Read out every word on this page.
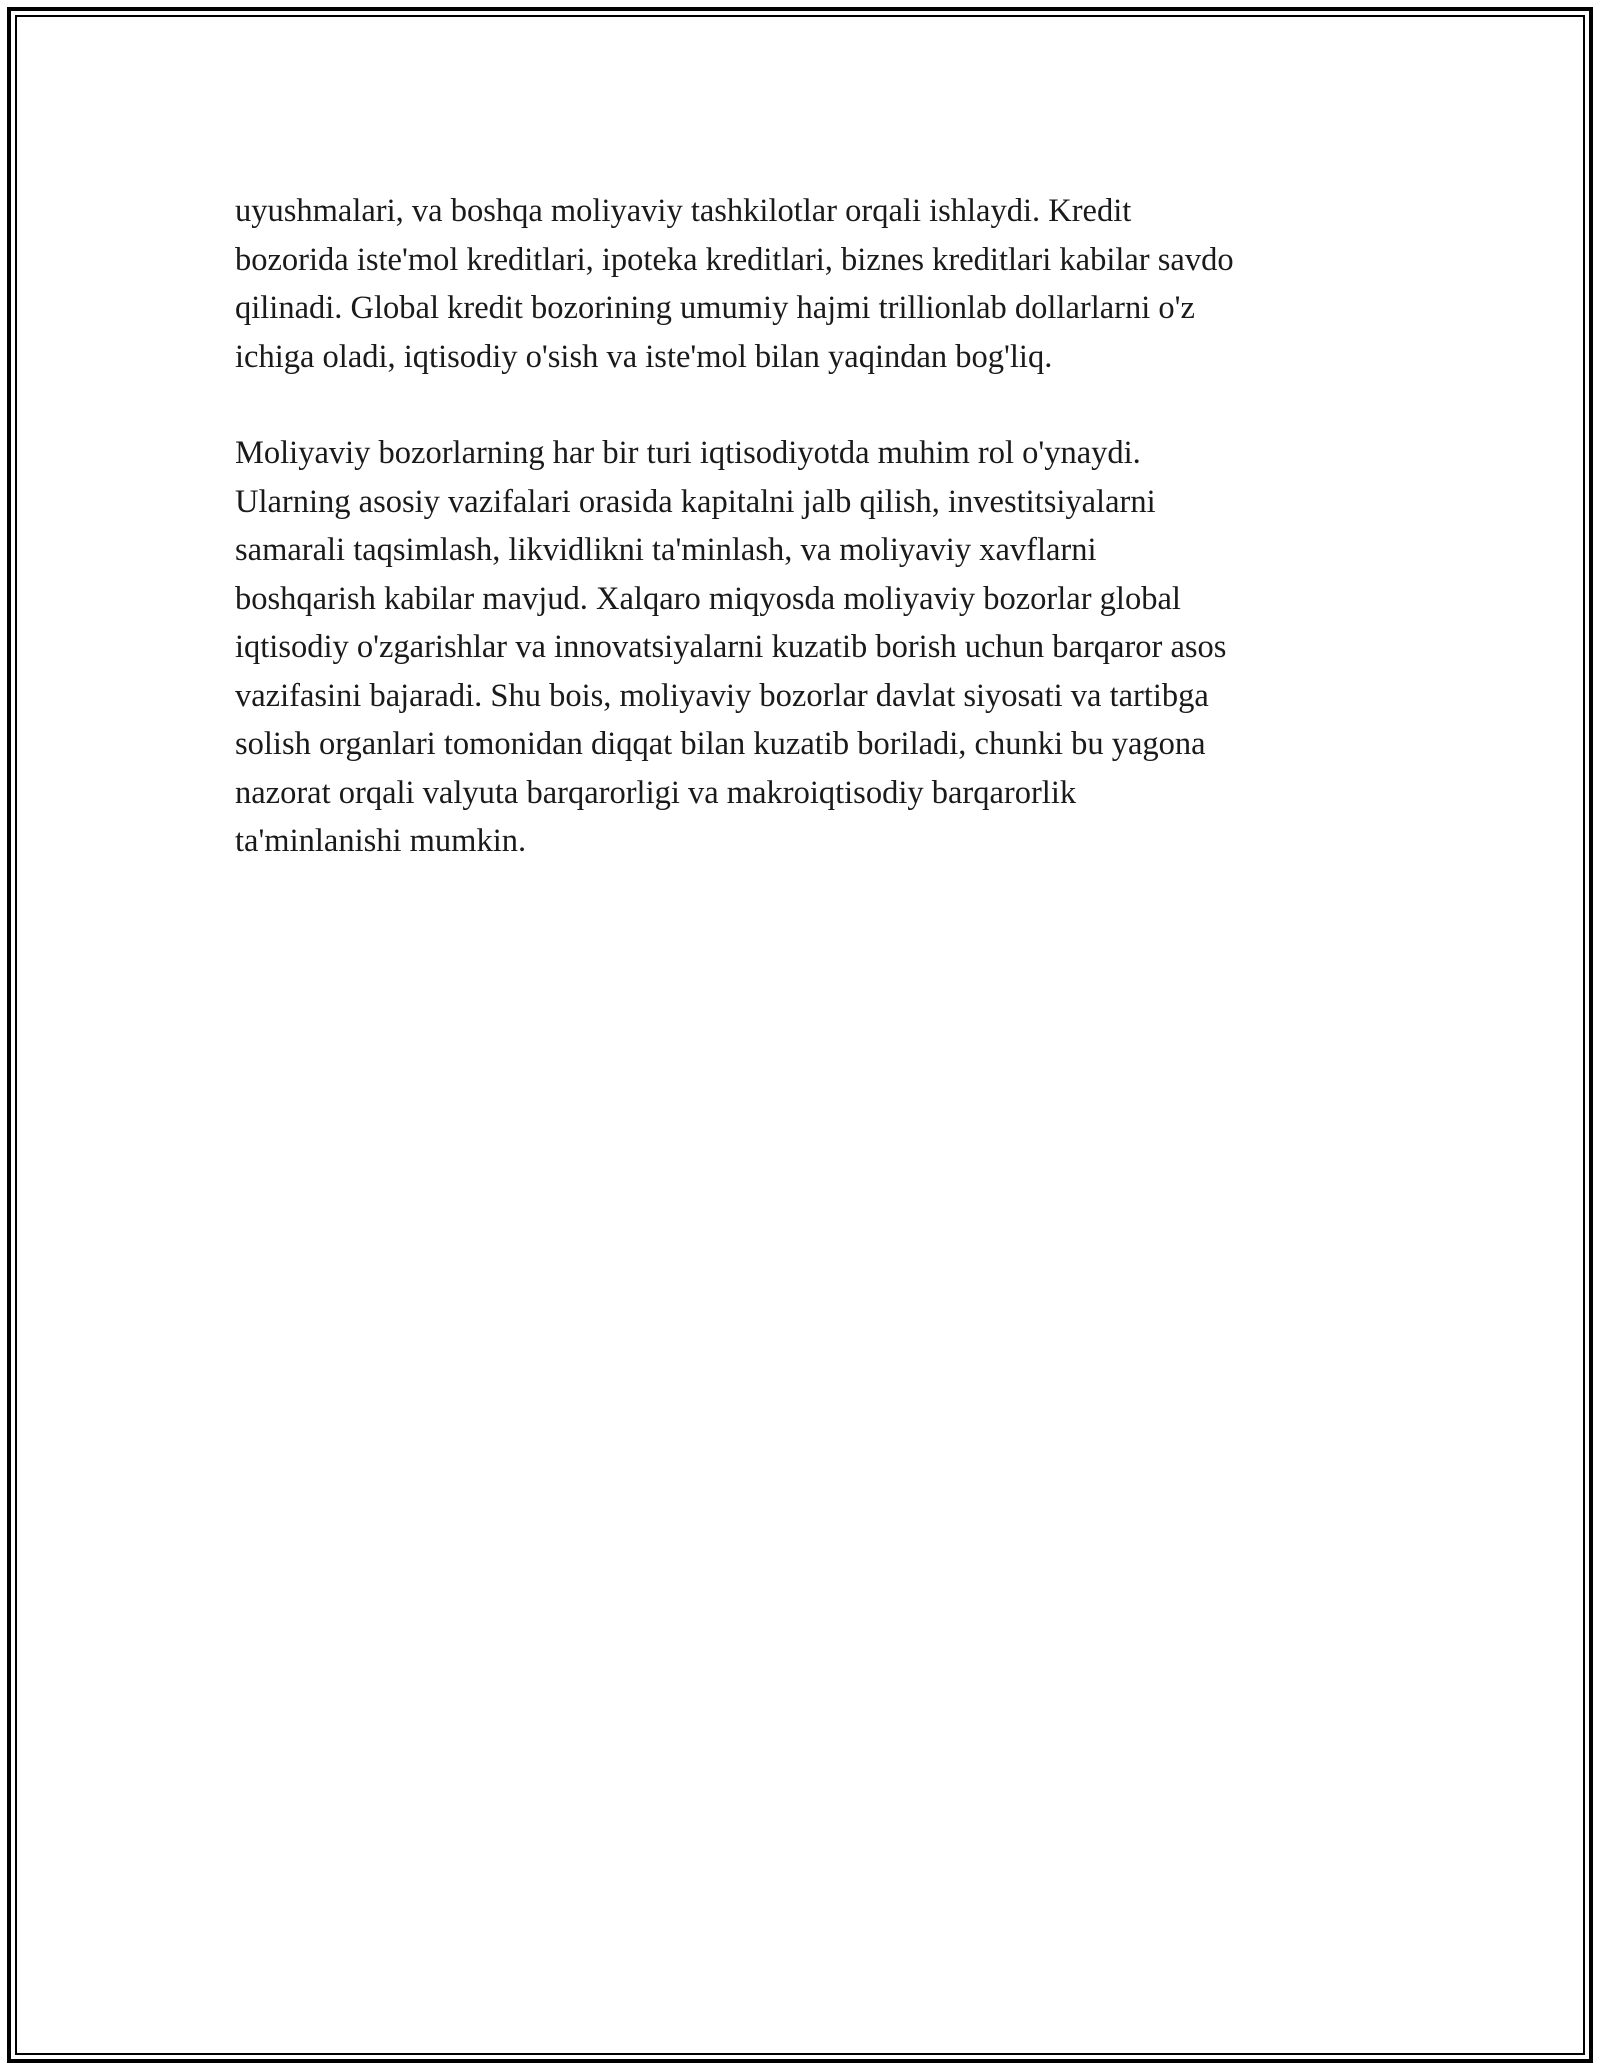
uyushmalari, va boshqa moliyaviy tashkilotlar orqali ishlaydi. Kredit
bozorida iste'mol kreditlari, ipoteka kreditlari, biznes kreditlari kabilar savdo
qilinadi. Global kredit bozorining umumiy hajmi trillionlab dollarlarni o'z
ichiga oladi, iqtisodiy o'sish va iste'mol bilan yaqindan bog'liq.

Moliyaviy bozorlarning har bir turi iqtisodiyotda muhim rol o'ynaydi.
Ularning asosiy vazifalari orasida kapitalni jalb qilish, investitsiyalarni
samarali taqsimlash, likvidlikni ta'minlash, va moliyaviy xavflarni
boshqarish kabilar mavjud. Xalqaro miqyosda moliyaviy bozorlar global
iqtisodiy o'zgarishlar va innovatsiyalarni kuzatib borish uchun barqaror asos
vazifasini bajaradi. Shu bois, moliyaviy bozorlar davlat siyosati va tartibga
solish organlari tomonidan diqqat bilan kuzatib boriladi, chunki bu yagona
nazorat orqali valyuta barqarorligi va makroiqtisodiy barqarorlik
ta'minlanishi mumkin.
